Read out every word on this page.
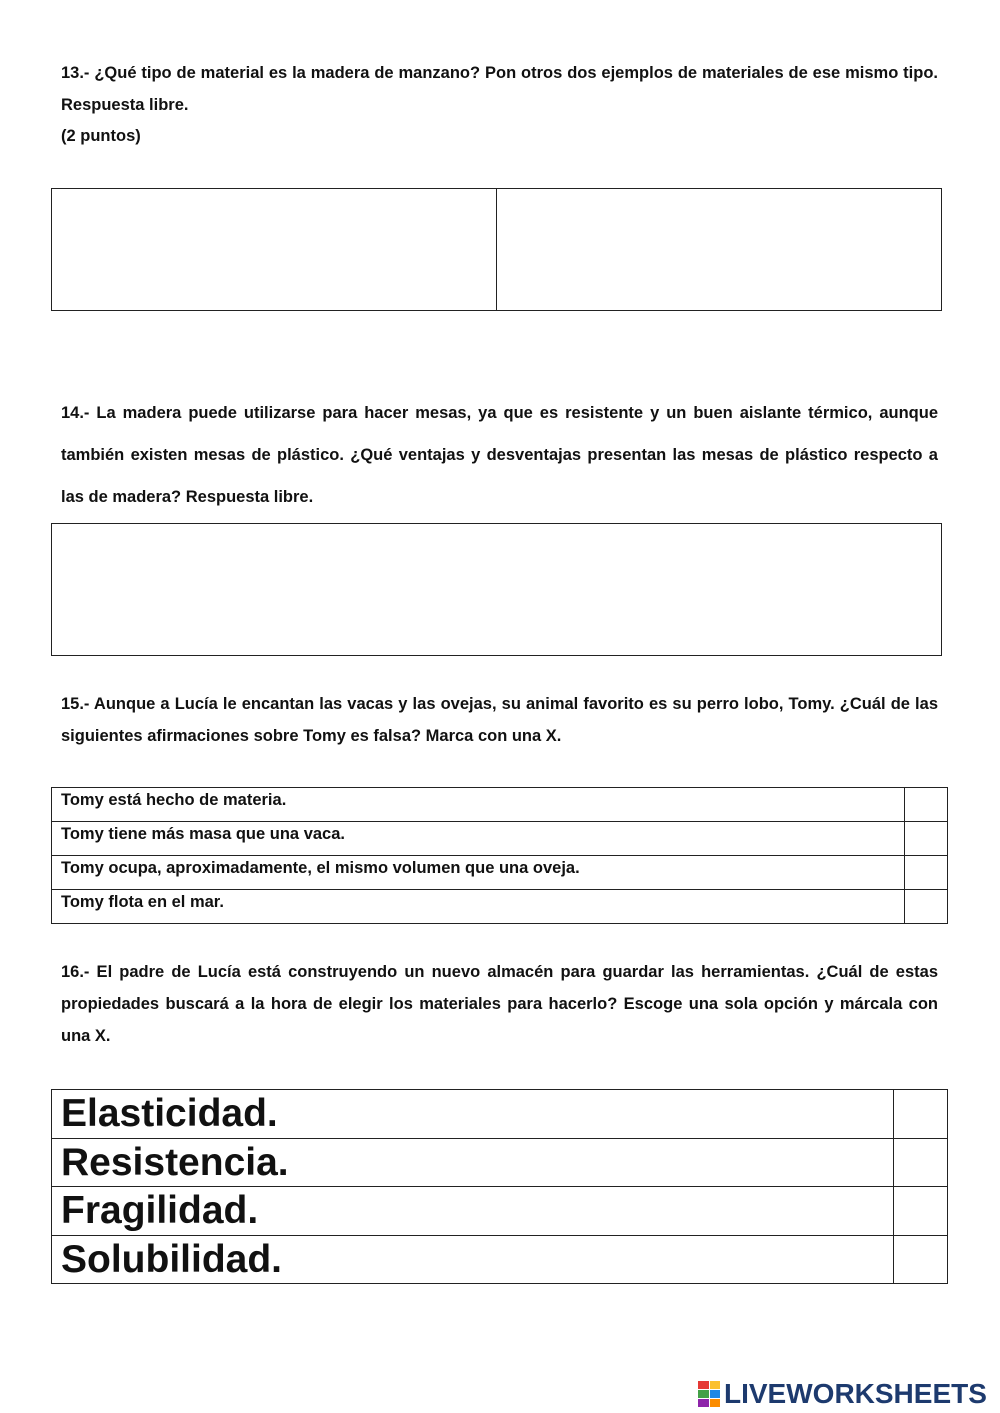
13.- ¿Qué tipo de material es la madera de manzano? Pon otros dos ejemplos de materiales de ese mismo tipo. Respuesta libre.

(2 puntos)

14.- La madera puede utilizarse para hacer mesas, ya que es resistente y un buen aislante térmico, aunque también existen mesas de plástico. ¿Qué ventajas y desventajas presentan las mesas de plástico respecto a las de madera? Respuesta libre.

15.- Aunque a Lucía le encantan las vacas y las ovejas, su animal favorito es su perro lobo, Tomy. ¿Cuál de las siguientes afirmaciones sobre Tomy es falsa? Marca con una X.

Tomy está hecho de materia.	
Tomy tiene más masa que una vaca.	
Tomy ocupa, aproximadamente, el mismo volumen que una oveja.	
Tomy flota en el mar.	

16.- El padre de Lucía está construyendo un nuevo almacén para guardar las herramientas. ¿Cuál de estas propiedades buscará a la hora de elegir los materiales para hacerlo? Escoge una sola opción y márcala con una X.

Elasticidad.	
Resistencia.	
Fragilidad.	
Solubilidad.	
LIVEWORKSHEETS
